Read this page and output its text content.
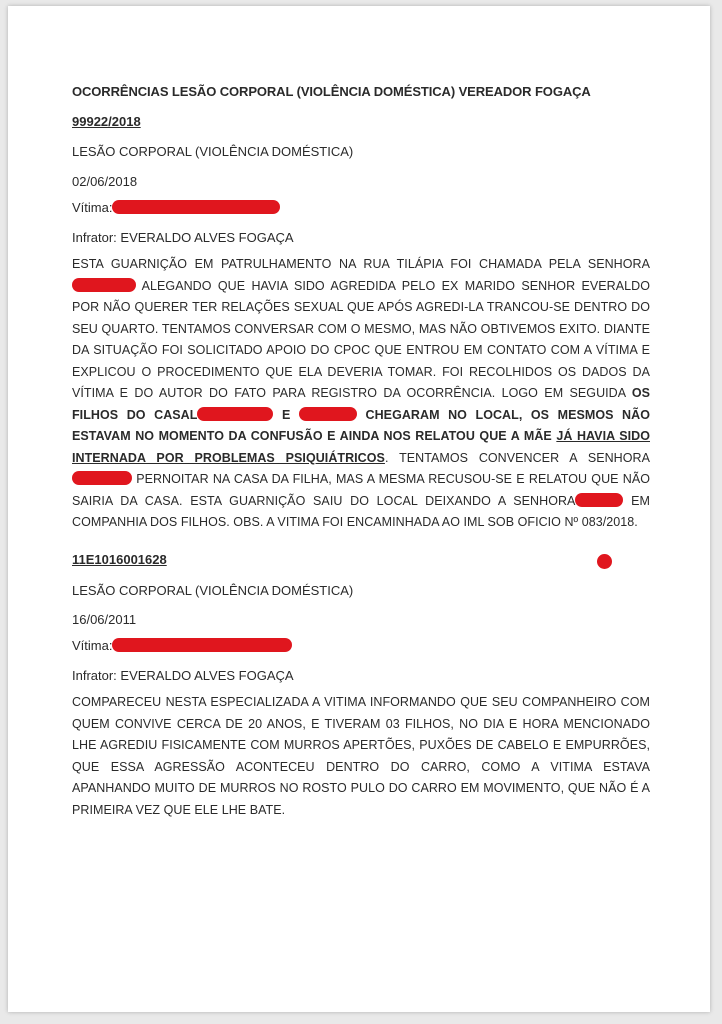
OCORRÊNCIAS LESÃO CORPORAL (VIOLÊNCIA DOMÉSTICA) VEREADOR FOGAÇA
99922/2018
LESÃO CORPORAL (VIOLÊNCIA DOMÉSTICA)
02/06/2018
Vítima:
Infrator: EVERALDO ALVES FOGAÇA
ESTA GUARNIÇÃO EM PATRULHAMENTO NA RUA TILÁPIA FOI CHAMADA PELA SENHORA  ALEGANDO QUE HAVIA SIDO AGREDIDA PELO EX MARIDO SENHOR EVERALDO POR NÃO QUERER TER RELAÇÕES SEXUAL QUE APÓS AGREDI-LA TRANCOU-SE DENTRO DO SEU QUARTO. TENTAMOS CONVERSAR COM O MESMO, MAS NÃO OBTIVEMOS EXITO. DIANTE DA SITUAÇÃO FOI SOLICITADO APOIO DO CPOC QUE ENTROU EM CONTATO COM A VÍTIMA E EXPLICOU O PROCEDIMENTO QUE ELA DEVERIA TOMAR. FOI RECOLHIDOS OS DADOS DA VÍTIMA E DO AUTOR DO FATO PARA REGISTRO DA OCORRÊNCIA. LOGO EM SEGUIDA OS FILHOS DO CASAL	E	CHEGARAM NO LOCAL, OS MESMOS NÃO ESTAVAM NO MOMENTO DA CONFUSÃO E AINDA NOS RELATOU QUE A MÃE JÁ HAVIA SIDO INTERNADA POR PROBLEMAS PSIQUIÁTRICOS. TENTAMOS CONVENCER A SENHORA PERNOITAR NA CASA DA FILHA, MAS A MESMA RECUSOU-SE E RELATOU QUE NÃO SAIRIA DA CASA. ESTA GUARNIÇÃO SAIU DO LOCAL DEIXANDO A SENHORA	EM COMPANHIA DOS FILHOS. OBS. A VITIMA FOI ENCAMINHADA AO IML SOB OFICIO Nº 083/2018.
11E1016001628
LESÃO CORPORAL (VIOLÊNCIA DOMÉSTICA)
16/06/2011
Vítima:
Infrator: EVERALDO ALVES FOGAÇA
COMPARECEU NESTA ESPECIALIZADA A VITIMA INFORMANDO QUE SEU COMPANHEIRO COM QUEM CONVIVE CERCA DE 20 ANOS, E TIVERAM 03 FILHOS, NO DIA E HORA MENCIONADO LHE AGREDIU FISICAMENTE COM MURROS APERTÕES, PUXÕES DE CABELO E EMPURRÕES, QUE ESSA AGRESSÃO ACONTECEU DENTRO DO CARRO, COMO A VITIMA ESTAVA APANHANDO MUITO DE MURROS NO ROSTO PULO DO CARRO EM MOVIMENTO, QUE NÃO É A PRIMEIRA VEZ QUE ELE LHE BATE.
